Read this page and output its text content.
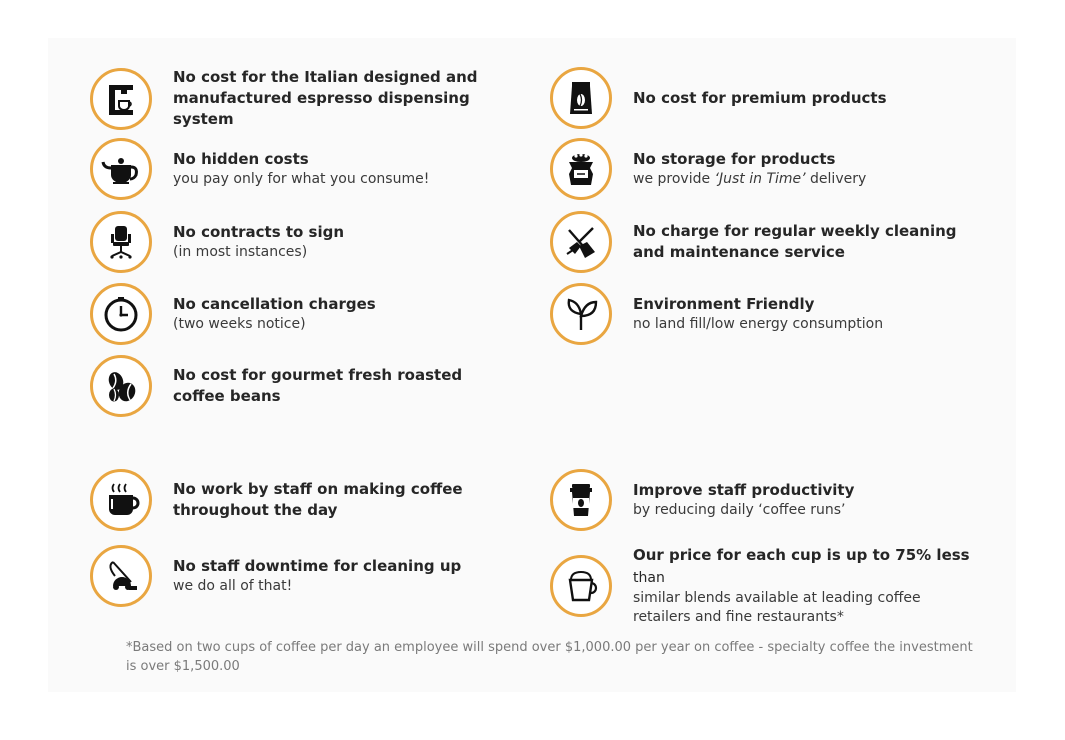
No cost for the Italian designed and manufactured espresso dispensing system
No hidden costs
you pay only for what you consume!
No contracts to sign
(in most instances)
No cancellation charges
(two weeks notice)
No cost for gourmet fresh roasted coffee beans
No cost for premium products
No storage for products
we provide ‘Just in Time’ delivery
No charge for regular weekly cleaning and maintenance service
Environment Friendly
no land fill/low energy consumption
No work by staff on making coffee throughout the day
No staff downtime for cleaning up
we do all of that!
Improve staff productivity
by reducing daily ‘coffee runs’
Our price for each cup is up to 75% less than
similar blends available at leading coffee retailers and fine restaurants*
*Based on two cups of coffee per day an employee will spend over $1,000.00 per year on coffee - specialty coffee the investment is over $1,500.00
